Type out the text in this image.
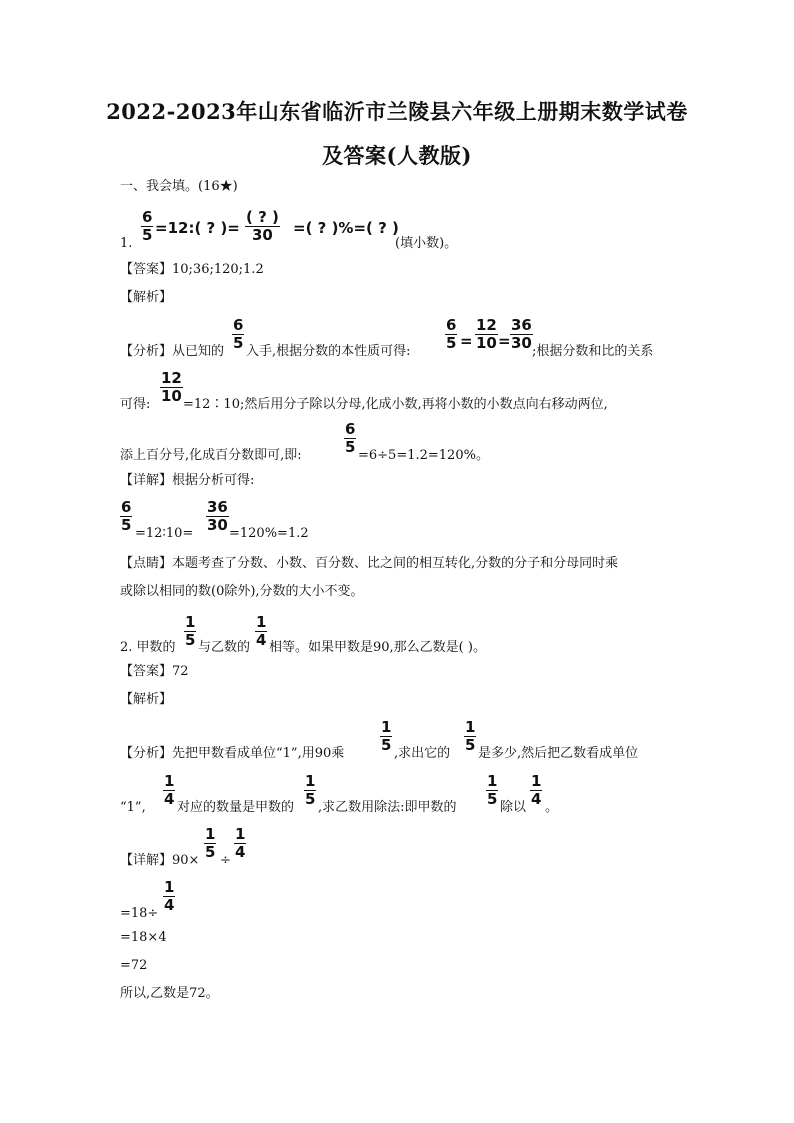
2022-2023年山东省临沂市兰陵县六年级上册期末数学试卷
及答案(人教版)
一、我会填。(16★)
1.
6
5 =12:( ? )=
( ? )
30 =( ? )%=( ? )
(填小数)。
【答案】10;36;120;1.2
【解析】
【分析】从已知的
6
5 入手,根据分数的本性质可得:
6
5 =
12
10 =
36
30 ;根据分数和比的关系
可得:
12
10 =12∶10;然后用分子除以分母,化成小数,再将小数的小数点向右移动两位,
添上百分号,化成百分数即可,即:
6
5 =6÷5=1.2=120%。
【详解】根据分析可得:
6
5 =12∶10=
36
30 =120%=1.2
【点睛】本题考查了分数、小数、百分数、比之间的相互转化,分数的分子和分母同时乘
或除以相同的数(0除外),分数的大小不变。
2. 甲数的
1
5 与乙数的
1
4 相等。如果甲数是90,那么乙数是( )。
【答案】72
【解析】
【分析】先把甲数看成单位“1”,用90乘
1
5 ,求出它的
1
5 是多少,然后把乙数看成单位
“1”,
1
4 对应的数量是甲数的
1
5 ,求乙数用除法:即甲数的
1
5 除以
1
4 。
【详解】90×
1
5 ÷
1
4
=18÷
1
4
=18×4
=72
所以,乙数是72。
